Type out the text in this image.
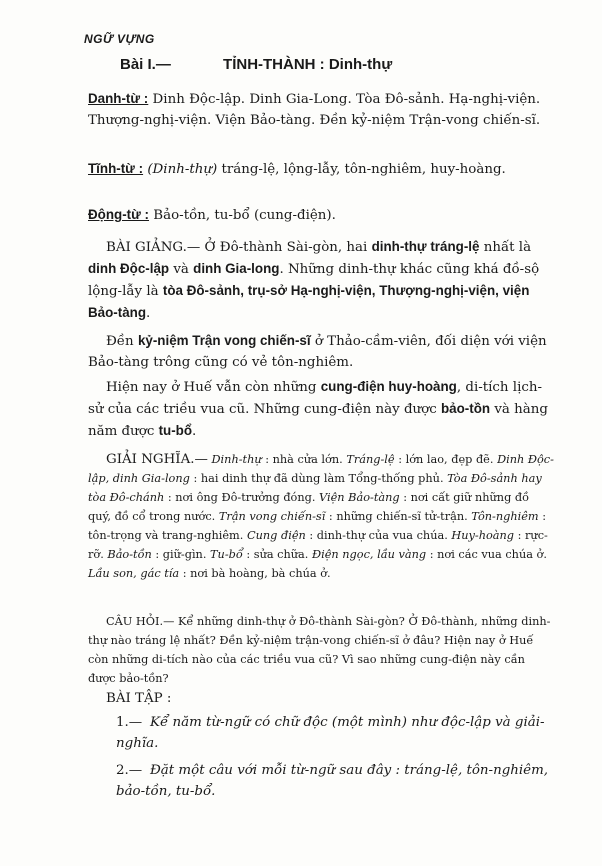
NGỮ VỰNG
Bài I.—	TỈNH-THÀNH : Dinh-thự
Danh-từ : Dinh Độc-lập. Dinh Gia-Long. Tòa Đô-sảnh. Hạ-nghị-viện. Thượng-nghị-viện. Viện Bảo-tàng. Đền kỷ-niệm Trận-vong chiến-sĩ.
Tĩnh-từ : (Dinh-thự) tráng-lệ, lộng-lẫy, tôn-nghiêm, huy-hoàng.
Động-từ : Bảo-tồn, tu-bổ (cung-điện).
BÀI GIẢNG.— Ở Đô-thành Sài-gòn, hai dinh-thự tráng-lệ nhất là dinh Độc-lập và dinh Gia-long. Những dinh-thự khác cũng khá đồ-sộ lộng-lẫy là tòa Đô-sảnh, trụ-sở Hạ-nghị-viện, Thượng-nghị-viện, viện Bảo-tàng.
Đền kỷ-niệm Trận vong chiến-sĩ ở Thảo-cầm-viên, đối diện với viện Bảo-tàng trông cũng có vẻ tôn-nghiêm.
Hiện nay ở Huế vẫn còn những cung-điện huy-hoàng, di-tích lịch-sử của các triều vua cũ. Những cung-điện này được bảo-tồn và hàng năm được tu-bổ.
GIẢI NGHĨA.— Dinh-thự : nhà cửa lớn. Tráng-lệ : lớn lao, đẹp đẽ. Dinh Độc-lập, dinh Gia-long : hai dinh thự đã dùng làm Tổng-thống phủ. Tòa Đô-sảnh hay tòa Đô-chánh : nơi ông Đô-trưởng đóng. Viện Bảo-tàng : nơi cất giữ những đồ quý, đồ cổ trong nước. Trận vong chiến-sĩ : những chiến-sĩ tử-trận. Tôn-nghiêm : tôn-trọng và trang-nghiêm. Cung điện : dinh-thự của vua chúa. Huy-hoàng : rực-rỡ. Bảo-tồn : giữ-gìn. Tu-bổ : sửa chữa. Điện ngọc, lầu vàng : nơi các vua chúa ở. Lầu son, gác tía : nơi bà hoàng, bà chúa ở.
CÂU HỎI.— Kể những dinh-thự ở Đô-thành Sài-gòn? Ở Đô-thành, những dinh-thự nào tráng lệ nhất? Đền kỷ-niệm trận-vong chiến-sĩ ở đâu? Hiện nay ở Huế còn những di-tích nào của các triều vua cũ? Vì sao những cung-điện này cần được bảo-tồn?
BÀI TẬP :
1.— Kể năm từ-ngữ có chữ độc (một mình) như độc-lập và giải-nghĩa.
2.— Đặt một câu với mỗi từ-ngữ sau đây : tráng-lệ, tôn-nghiêm, bảo-tồn, tu-bổ.
